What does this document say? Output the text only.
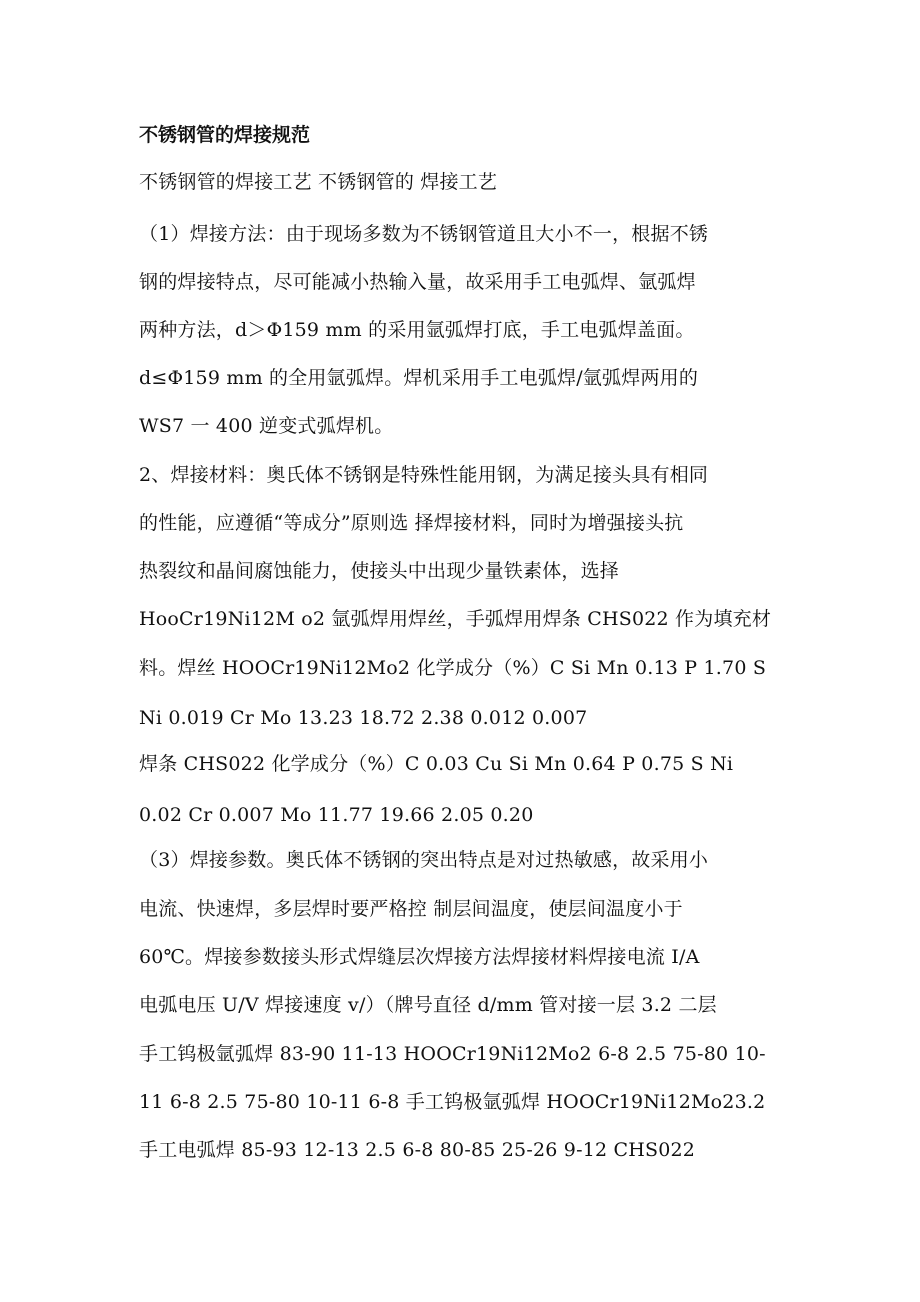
不锈钢管的焊接规范
不锈钢管的焊接工艺 不锈钢管的 焊接工艺
（1）焊接方法：由于现场多数为不锈钢管道且大小不一，根据不锈
钢的焊接特点，尽可能减小热输入量，故采用手工电弧焊、氩弧焊
两种方法，d＞Φ159 mm 的采用氩弧焊打底，手工电弧焊盖面。
d≤Φ159 mm 的全用氩弧焊。焊机采用手工电弧焊/氩弧焊两用的
WS7 一 400 逆变式弧焊机。
2、焊接材料：奥氏体不锈钢是特殊性能用钢，为满足接头具有相同
的性能，应遵循“等成分”原则选 择焊接材料，同时为增强接头抗
热裂纹和晶间腐蚀能力，使接头中出现少量铁素体，选择
HooCr19Ni12M o2 氩弧焊用焊丝，手弧焊用焊条 CHS022 作为填充材
料。焊丝 HOOCr19Ni12Mo2 化学成分（%）C Si Mn 0.13 P 1.70 S
Ni 0.019 Cr Mo 13.23 18.72 2.38 0.012 0.007
焊条 CHS022 化学成分（%）C 0.03 Cu Si Mn 0.64 P 0.75 S Ni
0.02 Cr 0.007 Mo 11.77 19.66 2.05 0.20
（3）焊接参数。奥氏体不锈钢的突出特点是对过热敏感，故采用小
电流、快速焊，多层焊时要严格控 制层间温度，使层间温度小于
60℃。焊接参数接头形式焊缝层次焊接方法焊接材料焊接电流 I/A
电弧电压 U/V 焊接速度 v/）（牌号直径 d/mm 管对接一层 3.2 二层
手工钨极氩弧焊 83-90 11-13 HOOCr19Ni12Mo2 6-8 2.5 75-80 10-
11 6-8 2.5 75-80 10-11 6-8 手工钨极氩弧焊 HOOCr19Ni12Mo23.2
手工电弧焊 85-93 12-13 2.5 6-8 80-85 25-26 9-12 CHS022
